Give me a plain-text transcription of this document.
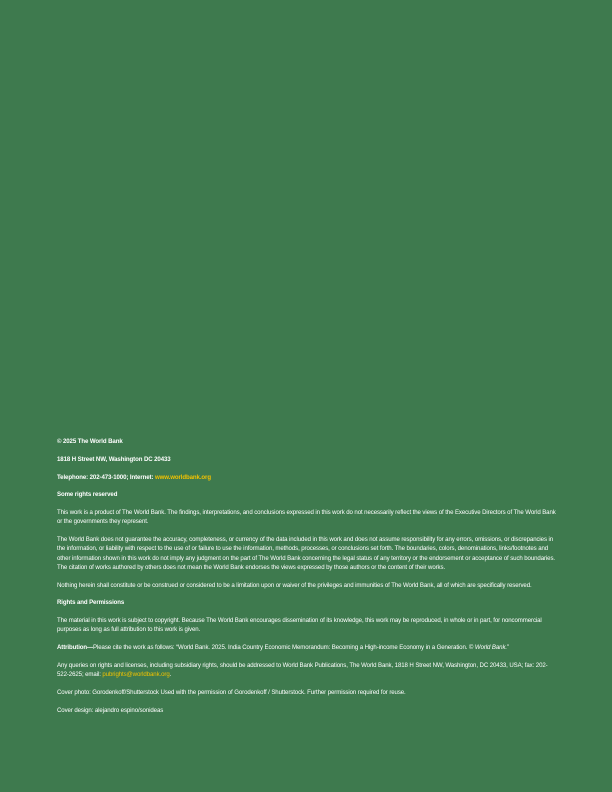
© 2025 The World Bank

1818 H Street NW, Washington DC 20433

Telephone: 202-473-1000; Internet: www.worldbank.org

Some rights reserved

This work is a product of The World Bank. The findings, interpretations, and conclusions expressed in this work do not necessarily reflect the views of the Executive Directors of The World Bank or the governments they represent.

The World Bank does not guarantee the accuracy, completeness, or currency of the data included in this work and does not assume responsibility for any errors, omissions, or discrepancies in the information, or liability with respect to the use of or failure to use the information, methods, processes, or conclusions set forth. The boundaries, colors, denominations, links/footnotes and other information shown in this work do not imply any judgment on the part of The World Bank concerning the legal status of any territory or the endorsement or acceptance of such boundaries. The citation of works authored by others does not mean the World Bank endorses the views expressed by those authors or the content of their works.

Nothing herein shall constitute or be construed or considered to be a limitation upon or waiver of the privileges and immunities of The World Bank, all of which are specifically reserved.

Rights and Permissions

The material in this work is subject to copyright. Because The World Bank encourages dissemination of its knowledge, this work may be reproduced, in whole or in part, for noncommercial purposes as long as full attribution to this work is given.

Attribution—Please cite the work as follows: “World Bank. 2025. India Country Economic Memorandum: Becoming a High-income Economy in a Generation. © World Bank.”

Any queries on rights and licenses, including subsidiary rights, should be addressed to World Bank Publications, The World Bank, 1818 H Street NW, Washington, DC 20433, USA; fax: 202-522-2625; email: pubrights@worldbank.org.

Cover photo: Gorodenkoff/Shutterstock Used with the permission of Gorodenkoff / Shutterstock. Further permission required for reuse.

Cover design: alejandro espino/sonideas
